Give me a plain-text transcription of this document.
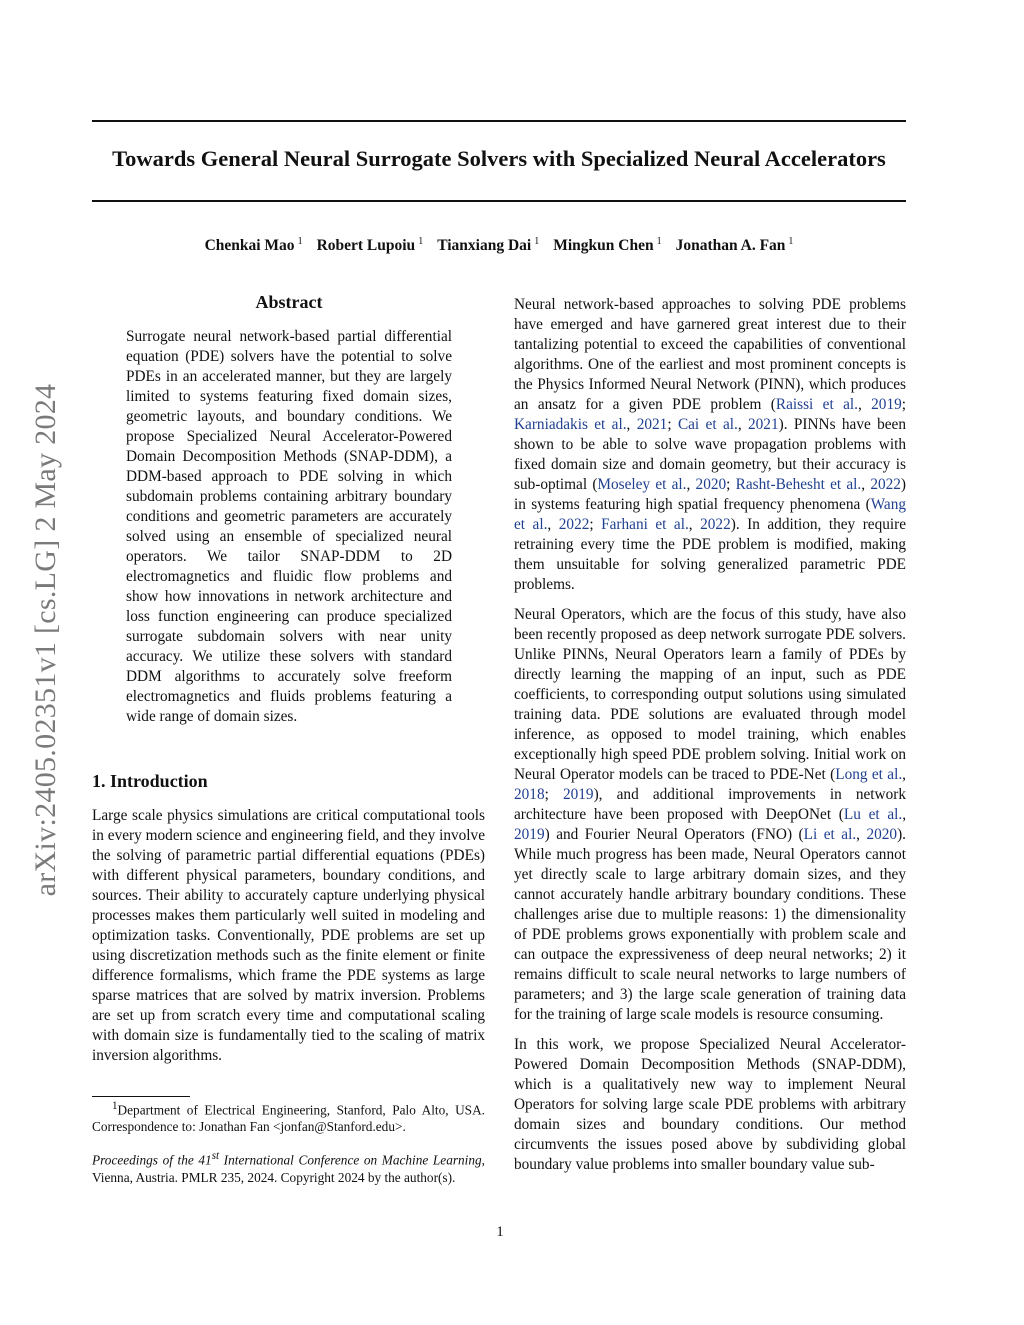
arXiv:2405.02351v1 [cs.LG] 2 May 2024
Towards General Neural Surrogate Solvers with Specialized Neural Accelerators
Chenkai Mao $^1$ Robert Lupoiu $^1$ Tianxiang Dai $^1$ Mingkun Chen $^1$ Jonathan A. Fan $^1$
Abstract

Surrogate neural network-based partial differential equation (PDE) solvers have the potential to solve PDEs in an accelerated manner, but they are largely limited to systems featuring fixed domain sizes, geometric layouts, and boundary conditions. We propose Specialized Neural Accelerator-Powered Domain Decomposition Methods (SNAP-DDM), a DDM-based approach to PDE solving in which subdomain problems containing arbitrary boundary conditions and geometric parameters are accurately solved using an ensemble of specialized neural operators. We tailor SNAP-DDM to 2D electromagnetics and fluidic flow problems and show how innovations in network architecture and loss function engineering can produce specialized surrogate subdomain solvers with near unity accuracy. We utilize these solvers with standard DDM algorithms to accurately solve freeform electromagnetics and fluids problems featuring a wide range of domain sizes.

1. Introduction

Large scale physics simulations are critical computational tools in every modern science and engineering field, and they involve the solving of parametric partial differential equations (PDEs) with different physical parameters, boundary conditions, and sources. Their ability to accurately capture underlying physical processes makes them particularly well suited in modeling and optimization tasks. Conventionally, PDE problems are set up using discretization methods such as the finite element or finite difference formalisms, which frame the PDE systems as large sparse matrices that are solved by matrix inversion. Problems are set up from scratch every time and computational scaling with domain size is fundamentally tied to the scaling of matrix inversion algorithms.

$^1$Department of Electrical Engineering, Stanford, Palo Alto, USA. Correspondence to: Jonathan Fan <jonfan@Stanford.edu>.

Proceedings of the 41st International Conference on Machine Learning, Vienna, Austria. PMLR 235, 2024. Copyright 2024 by the author(s).

Neural network-based approaches to solving PDE problems have emerged and have garnered great interest due to their tantalizing potential to exceed the capabilities of conventional algorithms. One of the earliest and most prominent concepts is the Physics Informed Neural Network (PINN), which produces an ansatz for a given PDE problem (Raissi et al., 2019; Karniadakis et al., 2021; Cai et al., 2021). PINNs have been shown to be able to solve wave propagation problems with fixed domain size and domain geometry, but their accuracy is sub-optimal (Moseley et al., 2020; Rasht-Behesht et al., 2022) in systems featuring high spatial frequency phenomena (Wang et al., 2022; Farhani et al., 2022). In addition, they require retraining every time the PDE problem is modified, making them unsuitable for solving generalized parametric PDE problems.

Neural Operators, which are the focus of this study, have also been recently proposed as deep network surrogate PDE solvers. Unlike PINNs, Neural Operators learn a family of PDEs by directly learning the mapping of an input, such as PDE coefficients, to corresponding output solutions using simulated training data. PDE solutions are evaluated through model inference, as opposed to model training, which enables exceptionally high speed PDE problem solving. Initial work on Neural Operator models can be traced to PDE-Net (Long et al., 2018; 2019), and additional improvements in network architecture have been proposed with DeepONet (Lu et al., 2019) and Fourier Neural Operators (FNO) (Li et al., 2020). While much progress has been made, Neural Operators cannot yet directly scale to large arbitrary domain sizes, and they cannot accurately handle arbitrary boundary conditions. These challenges arise due to multiple reasons: 1) the dimensionality of PDE problems grows exponentially with problem scale and can outpace the expressiveness of deep neural networks; 2) it remains difficult to scale neural networks to large numbers of parameters; and 3) the large scale generation of training data for the training of large scale models is resource consuming.

In this work, we propose Specialized Neural Accelerator-Powered Domain Decomposition Methods (SNAP-DDM), which is a qualitatively new way to implement Neural Operators for solving large scale PDE problems with arbitrary domain sizes and boundary conditions. Our method circumvents the issues posed above by subdividing global boundary value problems into smaller boundary value sub-

1
